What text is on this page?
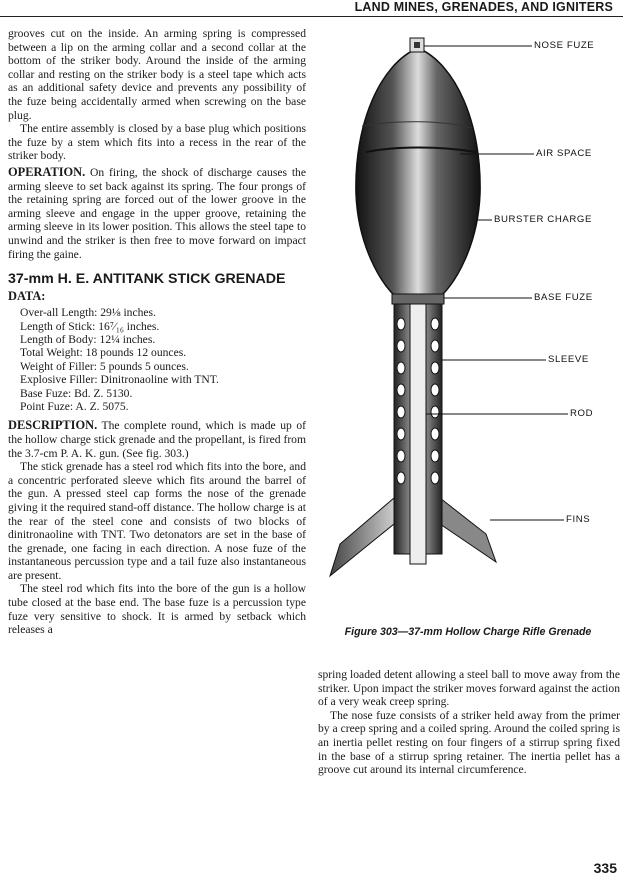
LAND MINES, GRENADES, AND IGNITERS

grooves cut on the inside. An arming spring is compressed between a lip on the arming collar and a second collar at the bottom of the striker body. Around the inside of the arming collar and resting on the striker body is a steel tape which acts as an additional safety device and prevents any possibility of the fuze being accidentally armed when screwing on the base plug.

The entire assembly is closed by a base plug which positions the fuze by a stem which fits into a recess in the rear of the striker body.

OPERATION. On firing, the shock of discharge causes the arming sleeve to set back against its spring. The four prongs of the retaining spring are forced out of the lower groove in the arming sleeve and engage in the upper groove, retaining the arming sleeve in its lower position. This allows the steel tape to unwind and the striker is then free to move forward on impact firing the gaine.

37-mm H. E. ANTITANK STICK GRENADE
DATA:
Over-all Length: 29⅛ inches.
Length of Stick: 16⁷⁄₁₆ inches.
Length of Body: 12¼ inches.
Total Weight: 18 pounds 12 ounces.
Weight of Filler: 5 pounds 5 ounces.
Explosive Filler: Dinitronaoline with TNT.
Base Fuze: Bd. Z. 5130.
Point Fuze: A. Z. 5075.

DESCRIPTION. The complete round, which is made up of the hollow charge stick grenade and the propellant, is fired from the 3.7-cm P. A. K. gun. (See fig. 303.)

The stick grenade has a steel rod which fits into the bore, and a concentric perforated sleeve which fits around the barrel of the gun. A pressed steel cap forms the nose of the grenade giving it the required stand-off distance. The hollow charge is at the rear of the steel cone and consists of two blocks of dinitronaoline with TNT. Two detonators are set in the base of the grenade, one facing in each direction. A nose fuze of the instantaneous percussion type and a tail fuze also instantaneous are present.

The steel rod which fits into the bore of the gun is a hollow tube closed at the base end. The base fuze is a percussion type fuze very sensitive to shock. It is armed by setback which releases a

NOSE FUZE
AIR SPACE
BURSTER CHARGE
BASE FUZE
SLEEVE
ROD
FINS
Figure 303—37-mm Hollow Charge Rifle Grenade

spring loaded detent allowing a steel ball to move away from the striker. Upon impact the striker moves forward against the action of a very weak creep spring.

The nose fuze consists of a striker held away from the primer by a creep spring and a coiled spring. Around the coiled spring is an inertia pellet resting on four fingers of a stirrup spring fixed in the base of a stirrup spring retainer. The inertia pellet has a groove cut around its internal circumference.

335
